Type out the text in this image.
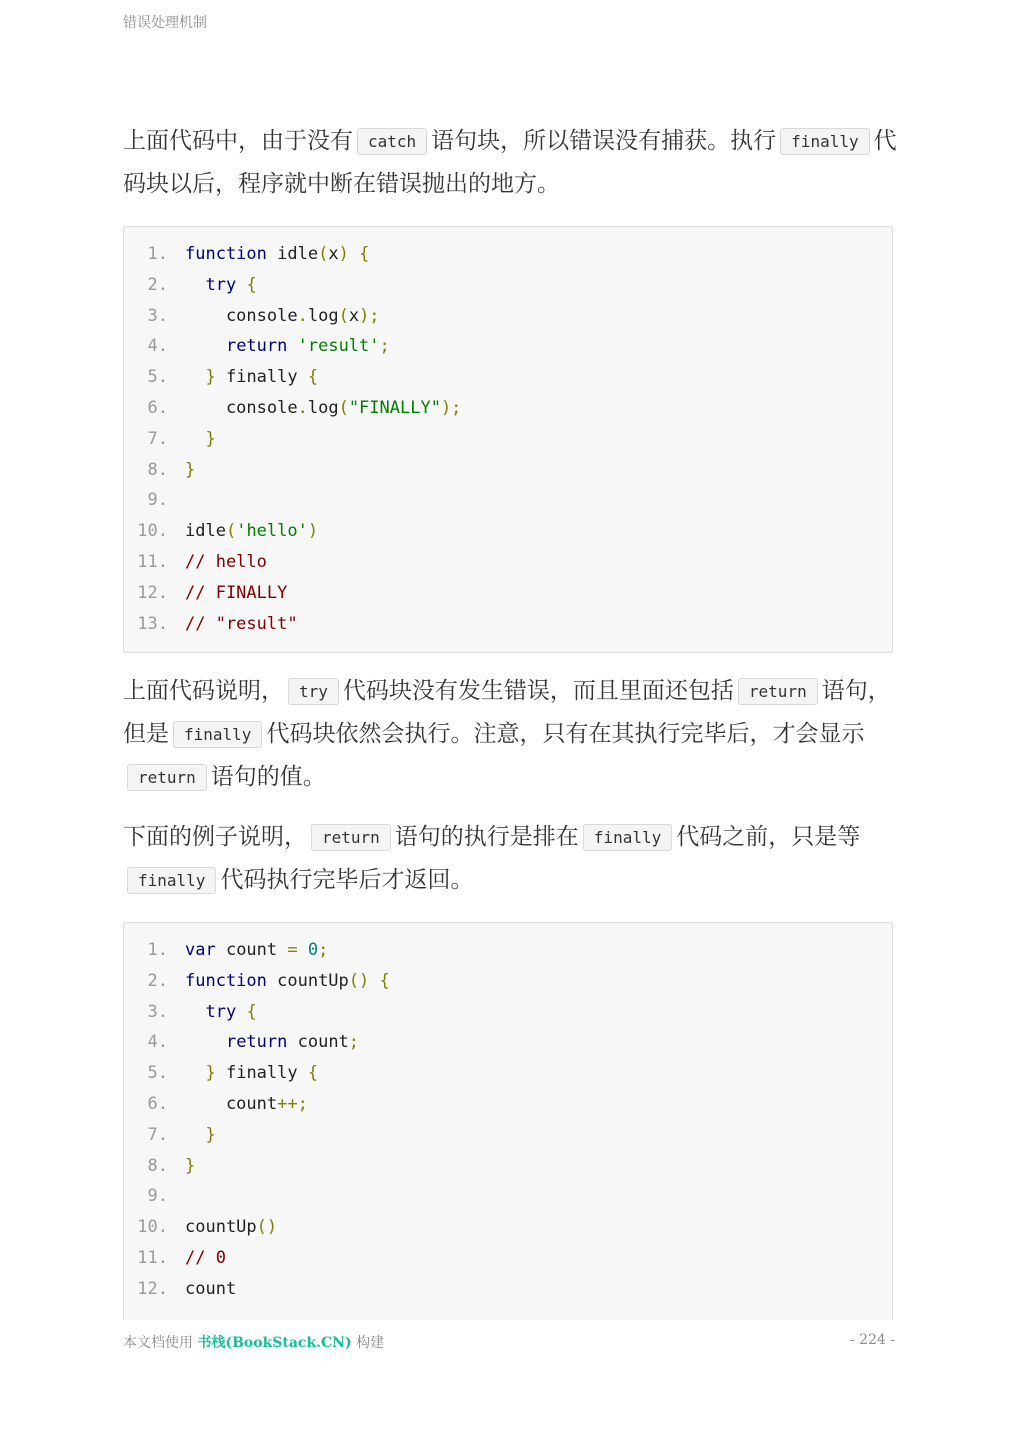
错误处理机制

上面代码中，由于没有 catch 语句块，所以错误没有捕获。执行 finally 代码块以后，程序就中断在错误抛出的地方。

1. function idle(x) {
2.	try {
3. console.log(x);
4.	return 'result';
5.	} finally {
6. console.log("FINALLY");
7.	}
8. }
9.
10. idle('hello')
11. // hello
12. // FINALLY
13. // "result"

上面代码说明， try 代码块没有发生错误，而且里面还包括 return 语句，但是 finally 代码块依然会执行。注意，只有在其执行完毕后，才会显示return 语句的值。

下面的例子说明， return 语句的执行是排在 finally 代码之前，只是等finally 代码执行完毕后才返回。

1. var count = 0;
2. function countUp() {
3.	try {
4.	return count;
5.	} finally {
6. count++;
7.	}
8. }
9.
10. countUp()
11. // 0
12. count
本文档使用 书栈(BookStack.CN) 构建	- 224 -
